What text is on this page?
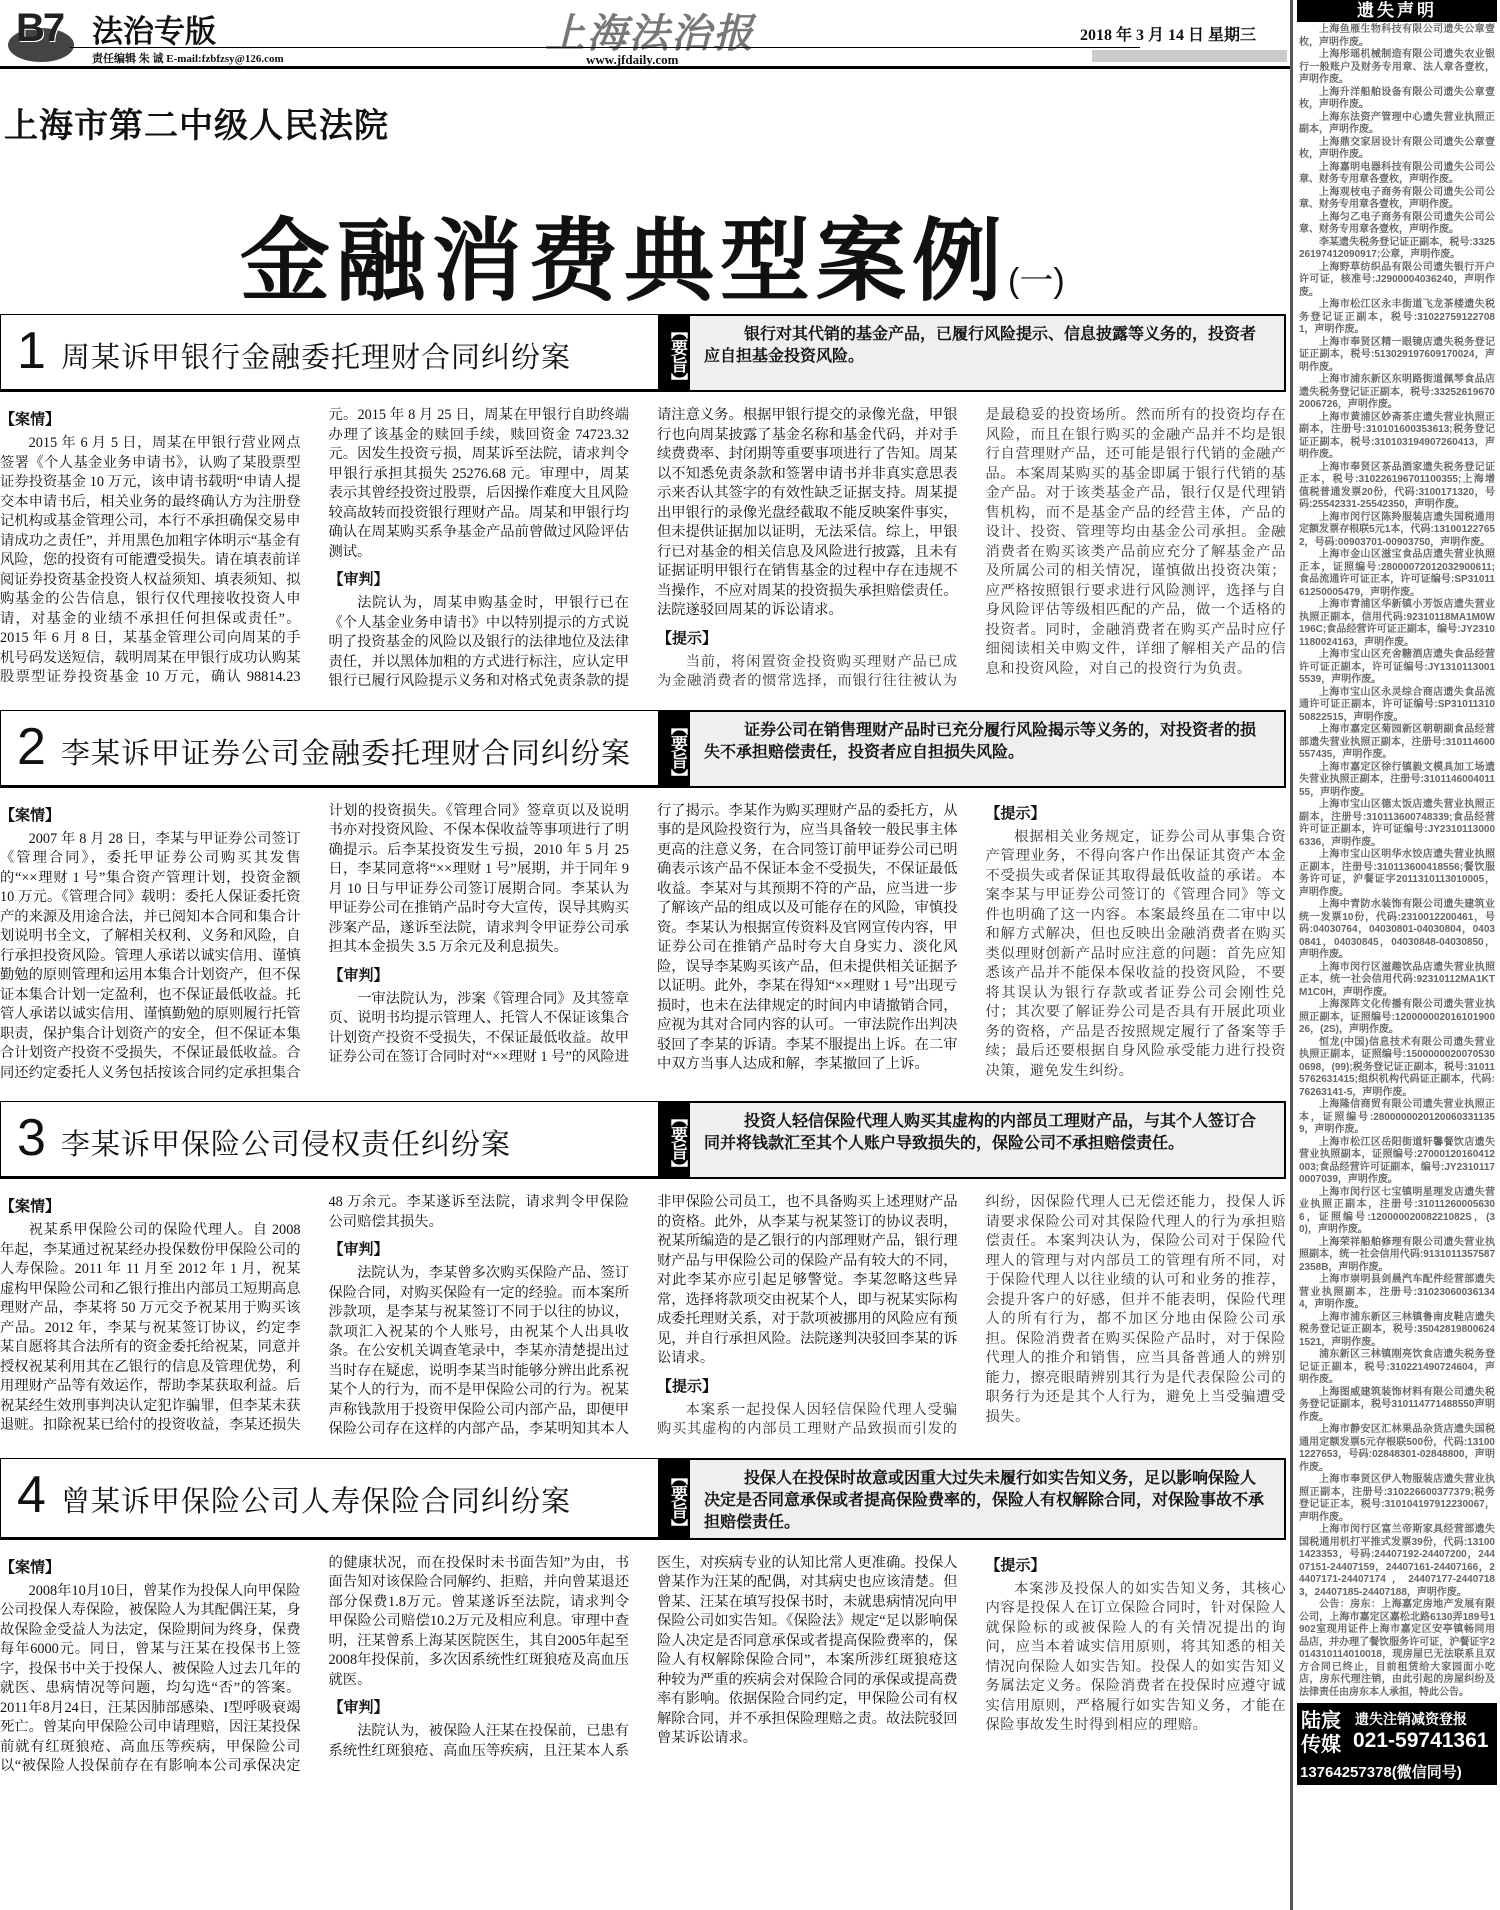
B7 法治专版	上海法治报	2018 年 3 月 14 日 星期三
责任编辑 朱 诚 E-mail:fzbfzsy@126.com	www.jfdaily.com
上海市第二中级人民法院
金融消费典型案例(一)
1 周某诉甲银行金融委托理财合同纠纷案	【要旨】	银行对其代销的基金产品，已履行风险提示、信息披露等义务的，投资者应自担基金投资风险。
【案情】

2015 年 6 月 5 日，周某在甲银行营业网点签署《个人基金业务申请书》，认购了某股票型证券投资基金 10 万元，该申请书载明“申请人提交本申请书后，相关业务的最终确认方为注册登记机构或基金管理公司，本行不承担确保交易申请成功之责任”，并用黑色加粗字体明示“基金有风险，您的投资有可能遭受损失。请在填表前详阅证券投资基金投资人权益须知、填表须知、拟购基金的公告信息，银行仅代理接收投资人申请，对基金的业绩不承担任何担保或责任”。2015 年 6 月 8 日，某基金管理公司向周某的手机号码发送短信，载明周某在甲银行成功认购某股票型证券投资基金 10 万元，确认 98814.23 元。2015 年 8 月 25 日，周某在甲银行自助终端办理了该基金的赎回手续，赎回资金 74723.32 元。因发生投资亏损，周某诉至法院，请求判令甲银行承担其损失 25276.68 元。审理中，周某表示其曾经投资过股票，后因操作难度大且风险较高故转而投资银行理财产品。周某和甲银行均确认在周某购买系争基金产品前曾做过风险评估测试。

【审判】

法院认为，周某申购基金时，甲银行已在《个人基金业务申请书》中以特别提示的方式说明了投资基金的风险以及银行的法律地位及法律责任，并以黑体加粗的方式进行标注，应认定甲银行已履行风险提示义务和对格式免责条款的提请注意义务。根据甲银行提交的录像光盘，甲银行也向周某披露了基金名称和基金代码，并对手续费费率、封闭期等重要事项进行了告知。周某以不知悉免责条款和签署申请书并非真实意思表示来否认其签字的有效性缺乏证据支持。周某提出甲银行的录像光盘经截取不能反映案件事实，但未提供证据加以证明，无法采信。综上，甲银行已对基金的相关信息及风险进行披露，且未有证据证明甲银行在销售基金的过程中存在违规不当操作，不应对周某的投资损失承担赔偿责任。法院遂驳回周某的诉讼请求。

【提示】

当前，将闲置资金投资购买理财产品已成为金融消费者的惯常选择，而银行往往被认为是最稳妥的投资场所。然而所有的投资均存在风险，而且在银行购买的金融产品并不均是银行自营理财产品，还可能是银行代销的金融产品。本案周某购买的基金即属于银行代销的基金产品。对于该类基金产品，银行仅是代理销售机构，而不是基金产品的经营主体，产品的设计、投资、管理等均由基金公司承担。金融消费者在购买该类产品前应充分了解基金产品及所属公司的相关情况，谨慎做出投资决策；应严格按照银行要求进行风险测评，选择与自身风险评估等级相匹配的产品，做一个适格的投资者。同时，金融消费者在购买产品时应仔细阅读相关申购文件，详细了解相关产品的信息和投资风险，对自己的投资行为负责。

2 李某诉甲证券公司金融委托理财合同纠纷案	【要旨】	证券公司在销售理财产品时已充分履行风险揭示等义务的，对投资者的损失不承担赔偿责任，投资者应自担损失风险。
【案情】

2007 年 8 月 28 日，李某与甲证券公司签订《管理合同》，委托甲证券公司购买其发售的“××理财 1 号”集合资产管理计划，投资金额 10 万元。《管理合同》载明：委托人保证委托资产的来源及用途合法，并已阅知本合同和集合计划说明书全文，了解相关权利、义务和风险，自行承担投资风险。管理人承诺以诚实信用、谨慎勤勉的原则管理和运用本集合计划资产，但不保证本集合计划一定盈利，也不保证最低收益。托管人承诺以诚实信用、谨慎勤勉的原则履行托管职责，保护集合计划资产的安全，但不保证本集合计划资产投资不受损失，不保证最低收益。合同还约定委托人义务包括按该合同约定承担集合计划的投资损失。《管理合同》签章页以及说明书亦对投资风险、不保本保收益等事项进行了明确提示。后李某投资发生亏损，2010 年 5 月 25 日，李某同意将“××理财 1 号”展期，并于同年 9 月 10 日与甲证券公司签订展期合同。李某认为甲证券公司在推销产品时夸大宣传，误导其购买涉案产品，遂诉至法院，请求判令甲证券公司承担其本金损失 3.5 万余元及利息损失。

【审判】

一审法院认为，涉案《管理合同》及其签章页、说明书均提示管理人、托管人不保证该集合计划资产投资不受损失，不保证最低收益。故甲证券公司在签订合同时对“××理财 1 号”的风险进行了揭示。李某作为购买理财产品的委托方，从事的是风险投资行为，应当具备较一般民事主体更高的注意义务，在合同签订前甲证券公司已明确表示该产品不保证本金不受损失，不保证最低收益。李某对与其预期不符的产品，应当进一步了解该产品的组成以及可能存在的风险，审慎投资。李某认为根据宣传资料及官网宣传内容，甲证券公司在推销产品时夸大自身实力、淡化风险，误导李某购买该产品，但未提供相关证据予以证明。此外，李某在得知“××理财 1 号”出现亏损时，也未在法律规定的时间内申请撤销合同，应视为其对合同内容的认可。一审法院作出判决驳回了李某的诉请。李某不服提出上诉。在二审中双方当事人达成和解，李某撤回了上诉。

【提示】

根据相关业务规定，证券公司从事集合资产管理业务，不得向客户作出保证其资产本金不受损失或者保证其取得最低收益的承诺。本案李某与甲证券公司签订的《管理合同》等文件也明确了这一内容。本案最终虽在二审中以和解方式解决，但也反映出金融消费者在购买类似理财创新产品时应注意的问题：首先应知悉该产品并不能保本保收益的投资风险，不要将其误认为银行存款或者证券公司会刚性兑付；其次要了解证券公司是否具有开展此项业务的资格，产品是否按照规定履行了备案等手续；最后还要根据自身风险承受能力进行投资决策，避免发生纠纷。

3 李某诉甲保险公司侵权责任纠纷案	【要旨】	投资人轻信保险代理人购买其虚构的内部员工理财产品，与其个人签订合同并将钱款汇至其个人账户导致损失的，保险公司不承担赔偿责任。
【案情】

祝某系甲保险公司的保险代理人。自 2008 年起，李某通过祝某经办投保数份甲保险公司的人寿保险。2011 年 11 月至 2012 年 1 月，祝某虚构甲保险公司和乙银行推出内部员工短期高息理财产品，李某将 50 万元交予祝某用于购买该产品。2012 年，李某与祝某签订协议，约定李某自愿将其合法所有的资金委托给祝某，同意并授权祝某利用其在乙银行的信息及管理优势，利用理财产品等有效运作，帮助李某获取利益。后祝某经生效刑事判决认定犯诈骗罪，但李某未获退赃。扣除祝某已给付的投资收益，李某还损失 48 万余元。李某遂诉至法院，请求判令甲保险公司赔偿其损失。

【审判】

法院认为，李某曾多次购买保险产品、签订保险合同，对购买保险有一定的经验。而本案所涉款项，是李某与祝某签订不同于以往的协议，款项汇入祝某的个人账号，由祝某个人出具收条。在公安机关调查笔录中，李某亦清楚提出过当时存在疑虑，说明李某当时能够分辨出此系祝某个人的行为，而不是甲保险公司的行为。祝某声称钱款用于投资甲保险公司内部产品，即便甲保险公司存在这样的内部产品，李某明知其本人非甲保险公司员工，也不具备购买上述理财产品的资格。此外，从李某与祝某签订的协议表明，祝某所编造的是乙银行的内部理财产品，银行理财产品与甲保险公司的保险产品有较大的不同，对此李某亦应引起足够警觉。李某忽略这些异常，选择将款项交由祝某个人，即与祝某实际构成委托理财关系，对于款项被挪用的风险应有预见，并自行承担风险。法院遂判决驳回李某的诉讼请求。

【提示】

本案系一起投保人因轻信保险代理人受骗购买其虚构的内部员工理财产品致损而引发的纠纷，因保险代理人已无偿还能力，投保人诉请要求保险公司对其保险代理人的行为承担赔偿责任。本案判决认为，保险公司对于保险代理人的管理与对内部员工的管理有所不同，对于保险代理人以往业绩的认可和业务的推荐，会提升客户的好感，但并不能表明，保险代理人的所有行为，都不加区分地由保险公司承担。保险消费者在购买保险产品时，对于保险代理人的推介和销售，应当具备普通人的辨别能力，擦亮眼睛辨别其行为是代表保险公司的职务行为还是其个人行为，避免上当受骗遭受损失。

4 曾某诉甲保险公司人寿保险合同纠纷案	【要旨】	投保人在投保时故意或因重大过失未履行如实告知义务，足以影响保险人决定是否同意承保或者提高保险费率的，保险人有权解除合同，对保险事故不承担赔偿责任。
【案情】

2008年10月10日，曾某作为投保人向甲保险公司投保人寿保险，被保险人为其配偶汪某，身故保险金受益人为法定，保险期间为终身，保费每年6000元。同日，曾某与汪某在投保书上签字，投保书中关于投保人、被保险人过去几年的就医、患病情况等问题，均勾选“否”的答案。2011年8月24日，汪某因肺部感染、I型呼吸衰竭死亡。曾某向甲保险公司申请理赔，因汪某投保前就有红斑狼疮、高血压等疾病，甲保险公司以“被保险人投保前存在有影响本公司承保决定的健康状况，而在投保时未书面告知”为由，书面告知对该保险合同解约、拒赔，并向曾某退还部分保费1.8万元。曾某遂诉至法院，请求判令甲保险公司赔偿10.2万元及相应利息。审理中查明，汪某曾系上海某医院医生，其自2005年起至2008年投保前，多次因系统性红斑狼疮及高血压就医。

【审判】

法院认为，被保险人汪某在投保前，已患有系统性红斑狼疮、高血压等疾病，且汪某本人系医生，对疾病专业的认知比常人更准确。投保人曾某作为汪某的配偶，对其病史也应该清楚。但曾某、汪某在填写投保书时，未就患病情况向甲保险公司如实告知。《保险法》规定“足以影响保险人决定是否同意承保或者提高保险费率的，保险人有权解除保险合同”，本案所涉红斑狼疮这种较为严重的疾病会对保险合同的承保或提高费率有影响。依据保险合同约定，甲保险公司有权解除合同，并不承担保险理赔之责。故法院驳回曾某诉讼请求。

【提示】

本案涉及投保人的如实告知义务，其核心内容是投保人在订立保险合同时，针对保险人就保险标的或被保险人的有关情况提出的询问，应当本着诚实信用原则，将其知悉的相关情况向保险人如实告知。投保人的如实告知义务属法定义务。保险消费者在投保时应遵守诚实信用原则，严格履行如实告知义务，才能在保险事故发生时得到相应的理赔。

遗失声明
上海鱼雁生物科技有限公司遗失公章壹枚，声明作废。
上海彤瑶机械制造有限公司遗失农业银行一般账户及财务专用章、法人章各壹枚，声明作废。
上海升洋船舶设备有限公司遗失公章壹枚，声明作废。
上海东法资产管理中心遗失营业执照正副本，声明作废。
上海鼎交家居设计有限公司遗失公章壹枚，声明作废。
上海嘉明电器科技有限公司遗失公司公章、财务专用章各壹枚，声明作废。
上海观枝电子商务有限公司遗失公司公章、财务专用章各壹枚，声明作废。
上海匀乙电子商务有限公司遗失公司公章、财务专用章各壹枚，声明作废。
李某遗失税务登记证正副本，税号:332526197412090917;公章，声明作废。
上海野草纺织品有限公司遗失银行开户许可证，核准号:J2900004036240，声明作废。
上海市松江区永丰街道飞龙茶楼遗失税务登记证正副本，税号:310227591227081，声明作废。
上海市奉贤区精一眼镜店遗失税务登记证正副本，税号:513029197609170024，声明作废。
上海市浦东新区东明路街道佩琴食品店遗失税务登记证正副本，税号:332526196702006726，声明作废。
上海市黄浦区妙斋茶庄遗失营业执照正副本，注册号:310101600353613;税务登记证正副本，税号:310103194907260413，声明作废。
上海市奉贤区茶品酒家遗失税务登记证正本，税号:310226196701100355;上海增值税普通发票20份，代码:3100171320，号码:25542331-25542350，声明作废。
上海市闵行区陈羚服装店遗失国税通用定额发票存根联5元1本，代码:131001227652，号码:00903701-00903750，声明作废。
上海市金山区滋宝食品店遗失营业执照正本，证照编号:28000072012032900611;食品流通许可证正本，许可证编号:SP3101161250005479，声明作废。
上海市青浦区华新镇小芳饭店遗失营业执照正副本，信用代码:92310118MA1M0W196C;食品经营许可证正副本，编号:JY23101180024163，声明作废。
上海市宝山区充舍糖酒店遗失食品经营许可证正副本，许可证编号:JY13101130015539，声明作废。
上海市宝山区永灵综合商店遗失食品流通许可证正副本，许可证编号:SP3101131050822515，声明作废。
上海市嘉定区菊园新区朝朝副食品经营部遗失营业执照正副本，注册号:310114600557435，声明作废。
上海市嘉定区徐行镇毅文模具加工场遗失营业执照正副本，注册号:310114600401155，声明作废。
上海市宝山区德太饭店遗失营业执照正副本，注册号:310113600748339;食品经营许可证正副本，许可证编号:JY23101130006336，声明作废。
上海市宝山区明华水饺店遗失营业执照正副本，注册号:310113600418556;餐饮服务许可证，沪餐证字2011310113010005，声明作废。
上海中青防水装饰有限公司遗失建筑业统一发票10份，代码:2310012200461，号码:04030764，04030801-04030804，04030841，04030845，04030848-04030850，声明作废。
上海市闵行区滋趣饮品店遗失营业执照正本，统一社会信用代码:92310112MA1KTM1C0H，声明作废。
上海深阵文化传播有限公司遗失营业执照正副本，证照编号:12000000201610190026，(2S)，声明作废。
恒龙(中国)信息技术有限公司遗失营业执照正副本，证照编号:15000000200705300698，(99);税务登记证正副本，税号:310115762631415;组织机构代码证正副本，代码:76263141-5，声明作废。
上海隆信商贸有限公司遗失营业执照正本，证照编号:28000000201200603311359，声明作废。
上海市松江区岳阳街道轩馨餐饮店遗失营业执照副本，证照编号:27000120160412003;食品经营许可证副本，编号:JY23101170007039，声明作废。
上海市闵行区七宝镇明星理发店遗失营业执照正副本，注册号:310112600056306，证照编号:12000002008221082S，(30)，声明作废。
上海荣祥船舶修理有限公司遗失营业执照副本，统一社会信用代码:91310113575872358B，声明作废。
上海市崇明县剑晨汽车配件经营部遗失营业执照副本，注册号:310230600361344，声明作废。
上海市浦东新区三林镇鲁南皮鞋店遗失税务登记证正副本，税号:350428198006241521，声明作废。
浦东新区三林镇刚亮饮食店遗失税务登记证正副本，税号:310221490724604，声明作废。
上海图威建筑装饰材料有限公司遗失税务登记证副本，税号310114771488550声明作废。
上海市静安区汇林果品杂货店遗失国税通用定额发票5元存根联500份，代码:131001227653，号码:02848301-02848800，声明作废。
上海市奉贤区伊人物服装店遗失营业执照正副本，注册号:310226600377379;税务登记证正本，税号:310104197912230067，声明作废。
上海市闵行区富兰帝斯家具经营部遗失国税通用机打平推式发票39份，代码:131001423353，号码:24407192-24407200，24407151-24407159，24407161-24407166，24407171-24407174，24407177-24407183，24407185-24407188，声明作废。
公告：房东：上海嘉定房地产发展有限公司，上海市嘉定区嘉松北路6130弄189号1902室现用证件上海市嘉定区安亭镇畅同用品店，并办理了餐饮服务许可证，沪餐证字2014310114010018，现房屋已无法联系且双方合同已终止，目前租赁给大家园面小吃店，房东代理注销，由此引起的房屋纠纷及法律责任由房东本人承担，特此公告。
陆宸传媒
遗失注销减资登报
021-59741361
13764257378(微信同号)
